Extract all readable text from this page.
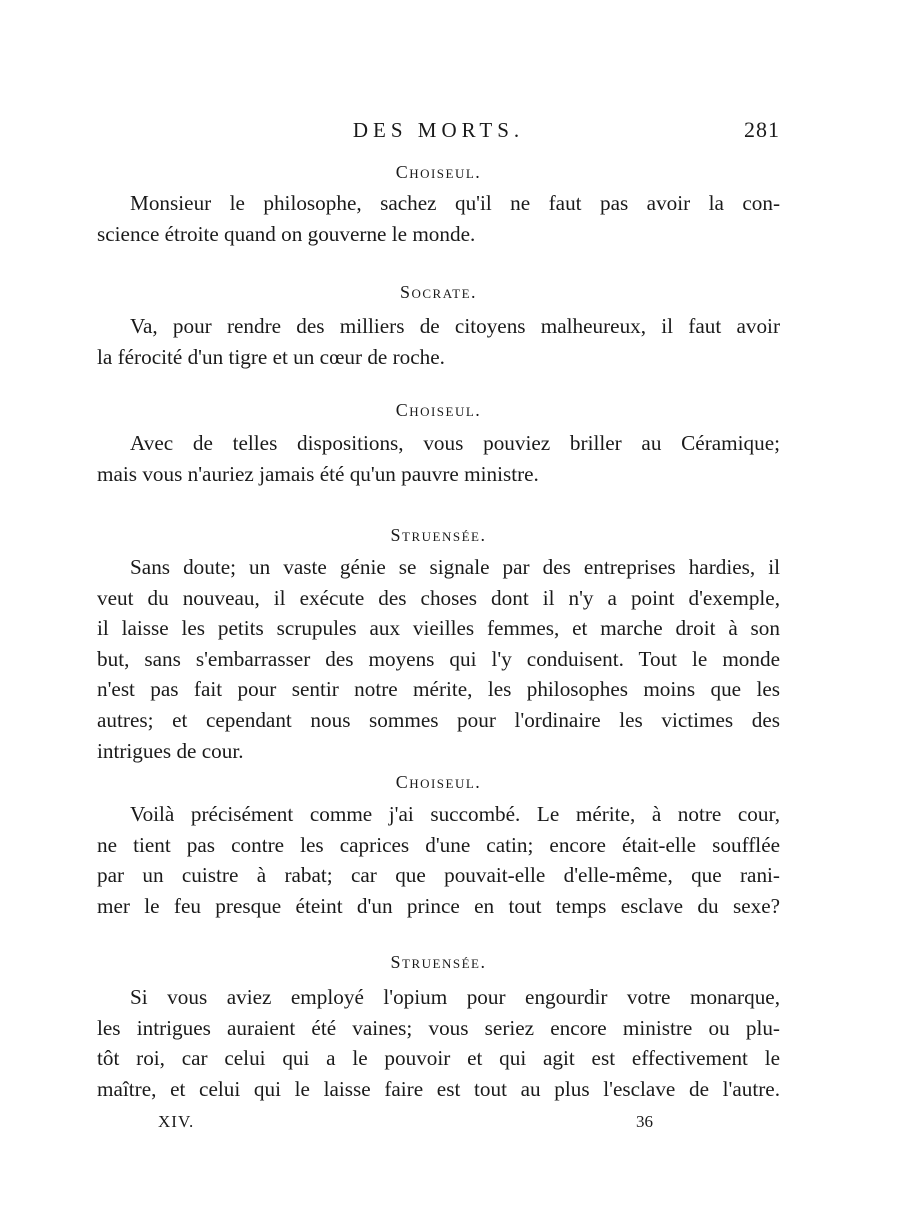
DES MORTS.	281
Choiseul.
Monsieur le philosophe, sachez qu'il ne faut pas avoir la con-
science étroite quand on gouverne le monde.
Socrate.
Va, pour rendre des milliers de citoyens malheureux, il faut avoir
la férocité d'un tigre et un cœur de roche.
Choiseul.
Avec de telles dispositions, vous pouviez briller au Céramique;
mais vous n'auriez jamais été qu'un pauvre ministre.
Struensée.
Sans doute; un vaste génie se signale par des entreprises hardies, il
veut du nouveau, il exécute des choses dont il n'y a point d'exemple,
il laisse les petits scrupules aux vieilles femmes, et marche droit à son
but, sans s'embarrasser des moyens qui l'y conduisent. Tout le monde
n'est pas fait pour sentir notre mérite, les philosophes moins que les
autres; et cependant nous sommes pour l'ordinaire les victimes des
intrigues de cour.
Choiseul.
Voilà précisément comme j'ai succombé. Le mérite, à notre cour,
ne tient pas contre les caprices d'une catin; encore était-elle soufflée
par un cuistre à rabat; car que pouvait-elle d'elle-même, que rani-
mer le feu presque éteint d'un prince en tout temps esclave du sexe?
Struensée.
Si vous aviez employé l'opium pour engourdir votre monarque,
les intrigues auraient été vaines; vous seriez encore ministre ou plu-
tôt roi, car celui qui a le pouvoir et qui agit est effectivement le
maître, et celui qui le laisse faire est tout au plus l'esclave de l'autre.
XIV.	36
